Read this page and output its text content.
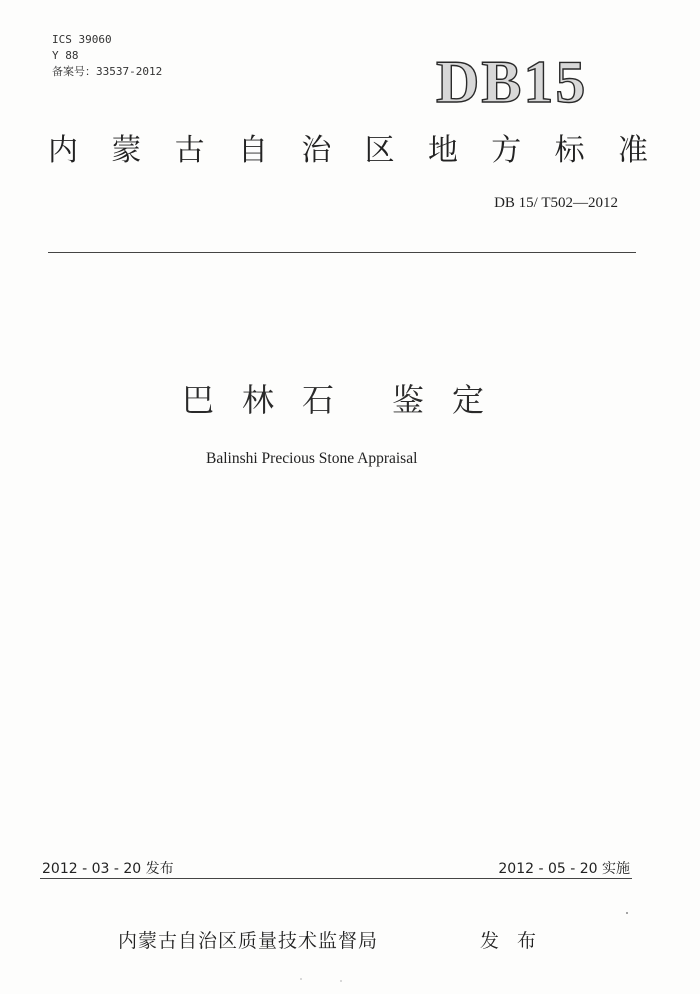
ICS 39060
Y 88
备案号：33537-2012	DB15
内 蒙 古 自 治 区 地 方 标 准
DB 15/ T502—2012
巴 林 石	鉴 定
Balinshi Precious Stone Appraisal
2012 - 03 - 20 发布	2012 - 05 - 20 实施
内蒙古自治区质量技术监督局	发 布
